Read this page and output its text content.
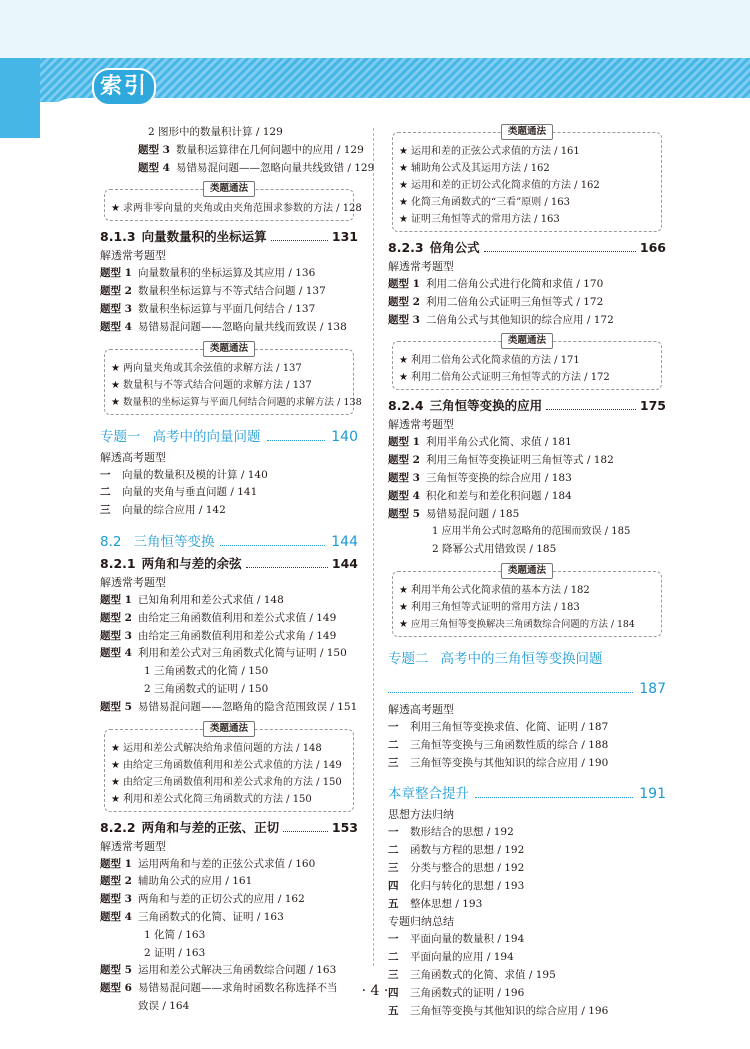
索引
2 图形中的数量积计算 / 129
题型 3 数量积运算律在几何问题中的应用 / 129
题型 4 易错易混问题——忽略向量共线致错 / 129
类题通法
★ 求两非零向量的夹角或由夹角范围求参数的方法 / 128
8.1.3 向量数量积的坐标运算	131
解透常考题型
题型 1 向量数量积的坐标运算及其应用 / 136
题型 2 数量积坐标运算与不等式结合问题 / 137
题型 3 数量积坐标运算与平面几何结合 / 137
题型 4 易错易混问题——忽略向量共线而致误 / 138
类题通法
★ 两向量夹角或其余弦值的求解方法 / 137
★ 数量积与不等式结合问题的求解方法 / 137
★ 数量积的坐标运算与平面几何结合问题的求解方法 / 138
专题一 高考中的向量问题	140
解透高考题型
一 向量的数量积及模的计算 / 140
二 向量的夹角与垂直问题 / 141
三 向量的综合应用 / 142
8.2 三角恒等变换	144
8.2.1 两角和与差的余弦	144
解透常考题型
题型 1 已知角利用和差公式求值 / 148
题型 2 由给定三角函数值利用和差公式求值 / 149
题型 3 由给定三角函数值利用和差公式求角 / 149
题型 4 利用和差公式对三角函数式化简与证明 / 150
1 三角函数式的化简 / 150
2 三角函数式的证明 / 150
题型 5 易错易混问题——忽略角的隐含范围致误 / 151
类题通法
★ 运用和差公式解决给角求值问题的方法 / 148
★ 由给定三角函数值利用和差公式求值的方法 / 149
★ 由给定三角函数值利用和差公式求角的方法 / 150
★ 利用和差公式化简三角函数式的方法 / 150
8.2.2 两角和与差的正弦、正切	153
解透常考题型
题型 1 运用两角和与差的正弦公式求值 / 160
题型 2 辅助角公式的应用 / 161
题型 3 两角和与差的正切公式的应用 / 162
题型 4 三角函数式的化简、证明 / 163
1 化简 / 163
2 证明 / 163
题型 5 运用和差公式解决三角函数综合问题 / 163
题型 6 易错易混问题——求角时函数名称选择不当
致误 / 164
类题通法
★ 运用和差的正弦公式求值的方法 / 161
★ 辅助角公式及其运用方法 / 162
★ 运用和差的正切公式化简求值的方法 / 162
★ 化简三角函数式的“三看”原则 / 163
★ 证明三角恒等式的常用方法 / 163
8.2.3 倍角公式	166
解透常考题型
题型 1 利用二倍角公式进行化简和求值 / 170
题型 2 利用二倍角公式证明三角恒等式 / 172
题型 3 二倍角公式与其他知识的综合应用 / 172
类题通法
★ 利用二倍角公式化简求值的方法 / 171
★ 利用二倍角公式证明三角恒等式的方法 / 172
8.2.4 三角恒等变换的应用	175
解透常考题型
题型 1 利用半角公式化简、求值 / 181
题型 2 利用三角恒等变换证明三角恒等式 / 182
题型 3 三角恒等变换的综合应用 / 183
题型 4 积化和差与和差化积问题 / 184
题型 5 易错易混问题 / 185
1 应用半角公式时忽略角的范围而致误 / 185
2 降幂公式用错致误 / 185
类题通法
★ 利用半角公式化简求值的基本方法 / 182
★ 利用三角恒等式证明的常用方法 / 183
★ 应用三角恒等变换解决三角函数综合问题的方法 / 184
专题二 高考中的三角恒等变换问题
187
解透高考题型
一 利用三角恒等变换求值、化简、证明 / 187
二 三角恒等变换与三角函数性质的综合 / 188
三 三角恒等变换与其他知识的综合应用 / 190
本章整合提升	191
思想方法归纳
一 数形结合的思想 / 192
二 函数与方程的思想 / 192
三 分类与整合的思想 / 192
四 化归与转化的思想 / 193
五 整体思想 / 193
专题归纳总结
一 平面向量的数量积 / 194
二 平面向量的应用 / 194
三 三角函数式的化简、求值 / 195
四 三角函数式的证明 / 196
五 三角恒等变换与其他知识的综合应用 / 196
· 4 ·
